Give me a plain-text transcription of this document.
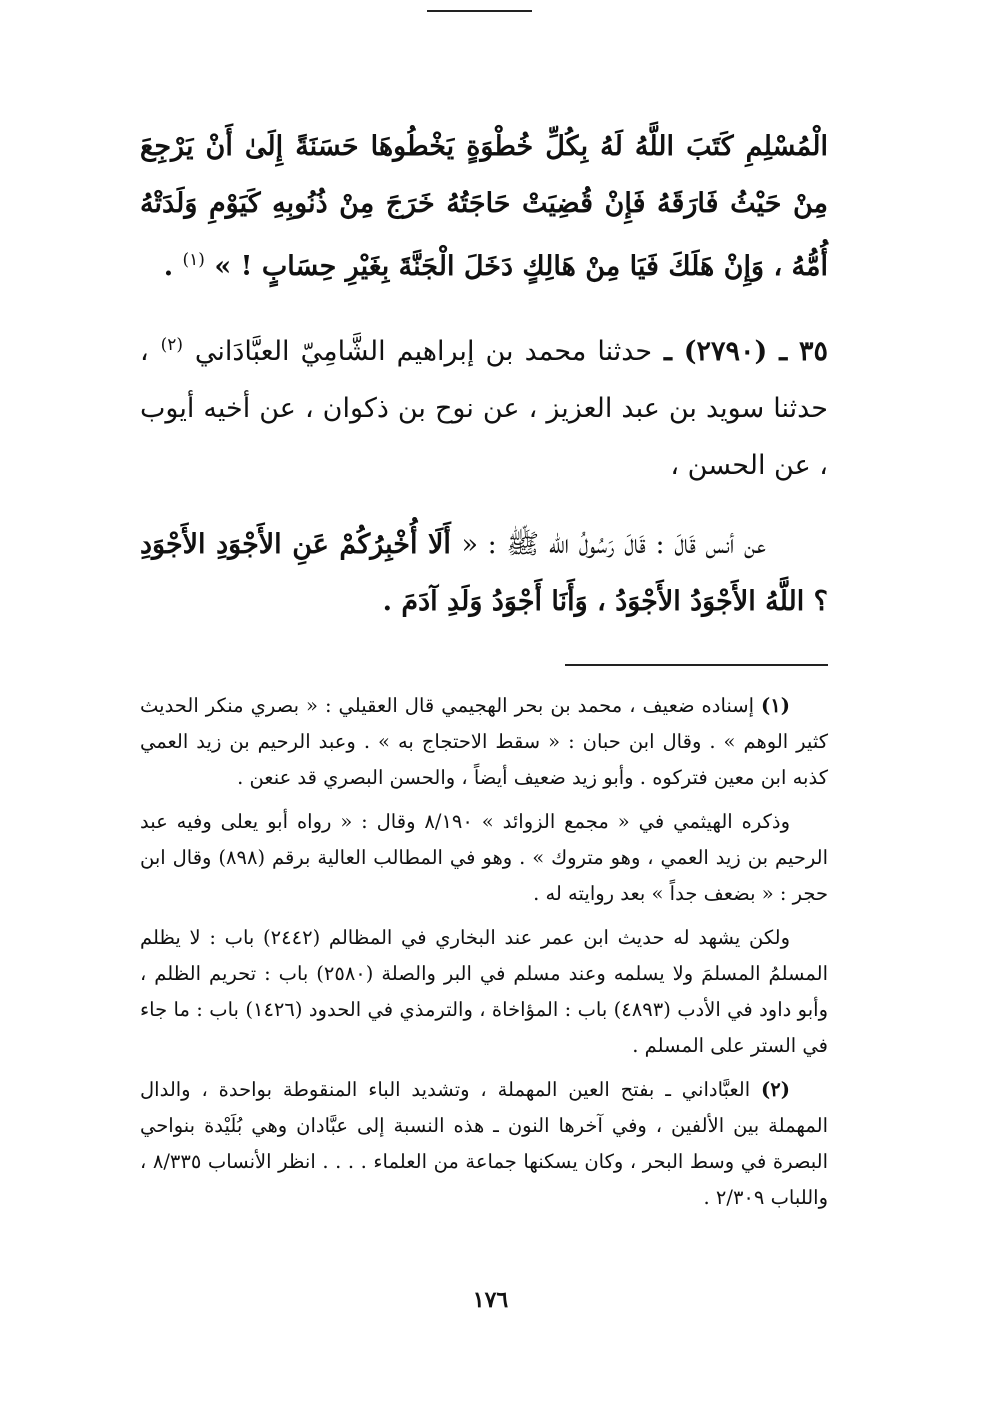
الْمُسْلِمِ كَتَبَ اللَّهُ لَهُ بِكُلِّ خُطْوَةٍ يَخْطُوهَا حَسَنَةً إِلَىٰ أَنْ يَرْجِعَ مِنْ حَيْثُ فَارَقَهُ فَإِنْ قُضِيَتْ حَاجَتُهُ خَرَجَ مِنْ ذُنُوبِهِ كَيَوْمِ وَلَدَتْهُ أُمُّهُ ، وَإِنْ هَلَكَ فَيَا مِنْ هَالِكٍ دَخَلَ الْجَنَّةَ بِغَيْرِ حِسَابٍ ! » $^{(١)}$ .

٣٥ ـ (٢٧٩٠) ـ حدثنا محمد بن إبراهيم الشَّامِيّ العبَّادَاني $^{(٢)}$ ، حدثنا سويد بن عبد العزيز ، عن نوح بن ذكوان ، عن أخيه أيوب ، عن الحسن ،

عن أنس قَالَ : قَالَ رَسُولُ الله ﷺ : « أَلَا أُخْبِرُكُمْ عَنِ الأَجْوَدِ الأَجْوَدِ ؟ اللَّهُ الأَجْوَدُ الأَجْوَدُ ، وَأَنَا أَجْوَدُ وَلَدِ آدَمَ .

(١) إسناده ضعيف ، محمد بن بحر الهجيمي قال العقيلي : « بصري منكر الحديث كثير الوهم » . وقال ابن حبان : « سقط الاحتجاج به » . وعبد الرحيم بن زيد العمي كذبه ابن معين فتركوه . وأبو زيد ضعيف أيضاً ، والحسن البصري قد عنعن .

وذكره الهيثمي في « مجمع الزوائد » ٨/١٩٠ وقال : « رواه أبو يعلى وفيه عبد الرحيم بن زيد العمي ، وهو متروك » . وهو في المطالب العالية برقم (٨٩٨) وقال ابن حجر : « بضعف جداً » بعد روايته له .

ولكن يشهد له حديث ابن عمر عند البخاري في المظالم (٢٤٤٢) باب : لا يظلم المسلمُ المسلمَ ولا يسلمه وعند مسلم في البر والصلة (٢٥٨٠) باب : تحريم الظلم ، وأبو داود في الأدب (٤٨٩٣) باب : المؤاخاة ، والترمذي في الحدود (١٤٢٦) باب : ما جاء في الستر على المسلم .

(٢) العبَّاداني ـ بفتح العين المهملة ، وتشديد الباء المنقوطة بواحدة ، والدال المهملة بين الألفين ، وفي آخرها النون ـ هذه النسبة إلى عبَّادان وهي بُلَيْدة بنواحي البصرة في وسط البحر ، وكان يسكنها جماعة من العلماء . . . . انظر الأنساب ٨/٣٣٥ ، واللباب ٢/٣٠٩ .

١٧٦
